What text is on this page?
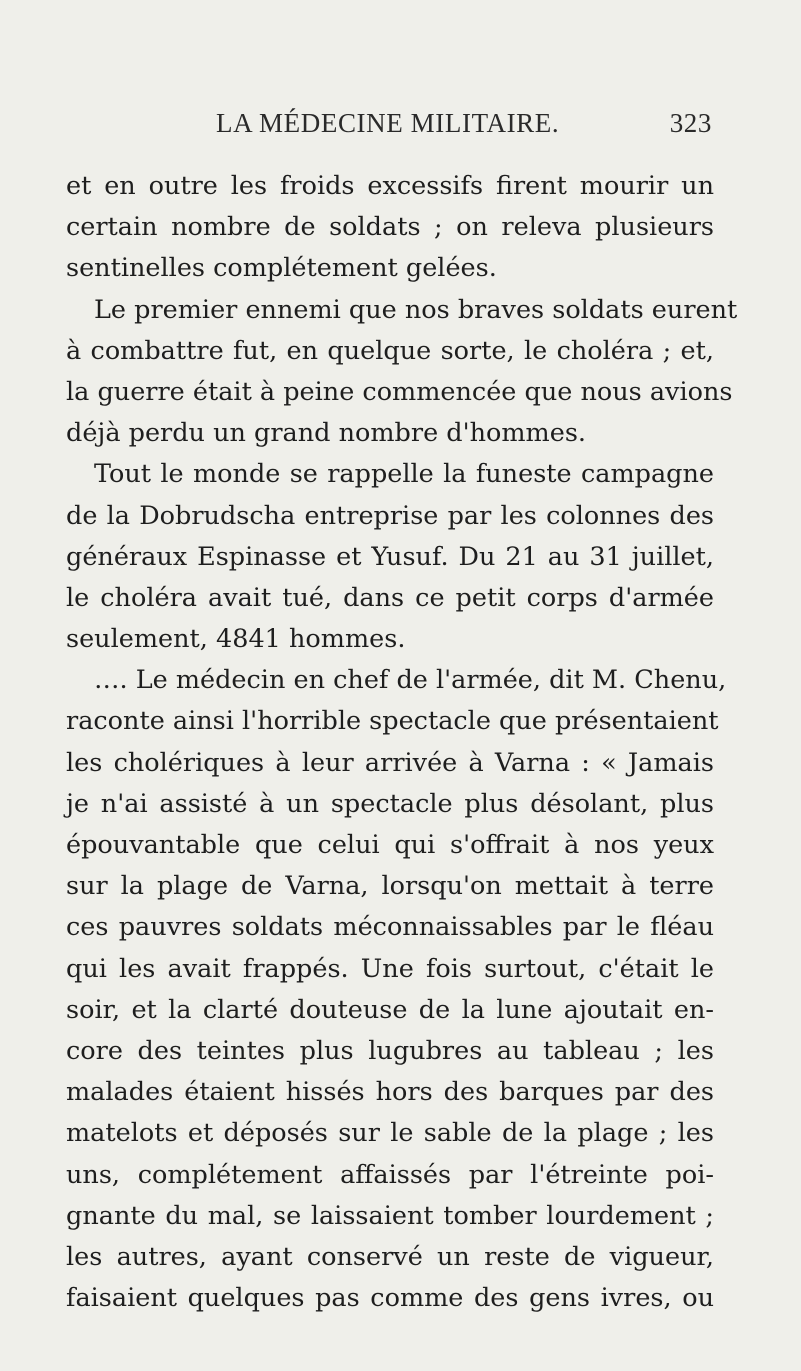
LA MÉDECINE MILITAIRE.	323
et en outre les froids excessifs firent mourir un
certain nombre de soldats ; on releva plusieurs
sentinelles complétement gelées.
Le premier ennemi que nos braves soldats eurent
à combattre fut, en quelque sorte, le choléra ; et,
la guerre était à peine commencée que nous avions
déjà perdu un grand nombre d'hommes.
Tout le monde se rappelle la funeste campagne
de la Dobrudscha entreprise par les colonnes des
généraux Espinasse et Yusuf. Du 21 au 31 juillet,
le choléra avait tué, dans ce petit corps d'armée
seulement, 4841 hommes.
…. Le médecin en chef de l'armée, dit M. Chenu,
raconte ainsi l'horrible spectacle que présentaient
les cholériques à leur arrivée à Varna : « Jamais
je n'ai assisté à un spectacle plus désolant, plus
épouvantable que celui qui s'offrait à nos yeux
sur la plage de Varna, lorsqu'on mettait à terre
ces pauvres soldats méconnaissables par le fléau
qui les avait frappés. Une fois surtout, c'était le
soir, et la clarté douteuse de la lune ajoutait en-
core des teintes plus lugubres au tableau ; les
malades étaient hissés hors des barques par des
matelots et déposés sur le sable de la plage ; les
uns, complétement affaissés par l'étreinte poi-
gnante du mal, se laissaient tomber lourdement ;
les autres, ayant conservé un reste de vigueur,
faisaient quelques pas comme des gens ivres, ou
